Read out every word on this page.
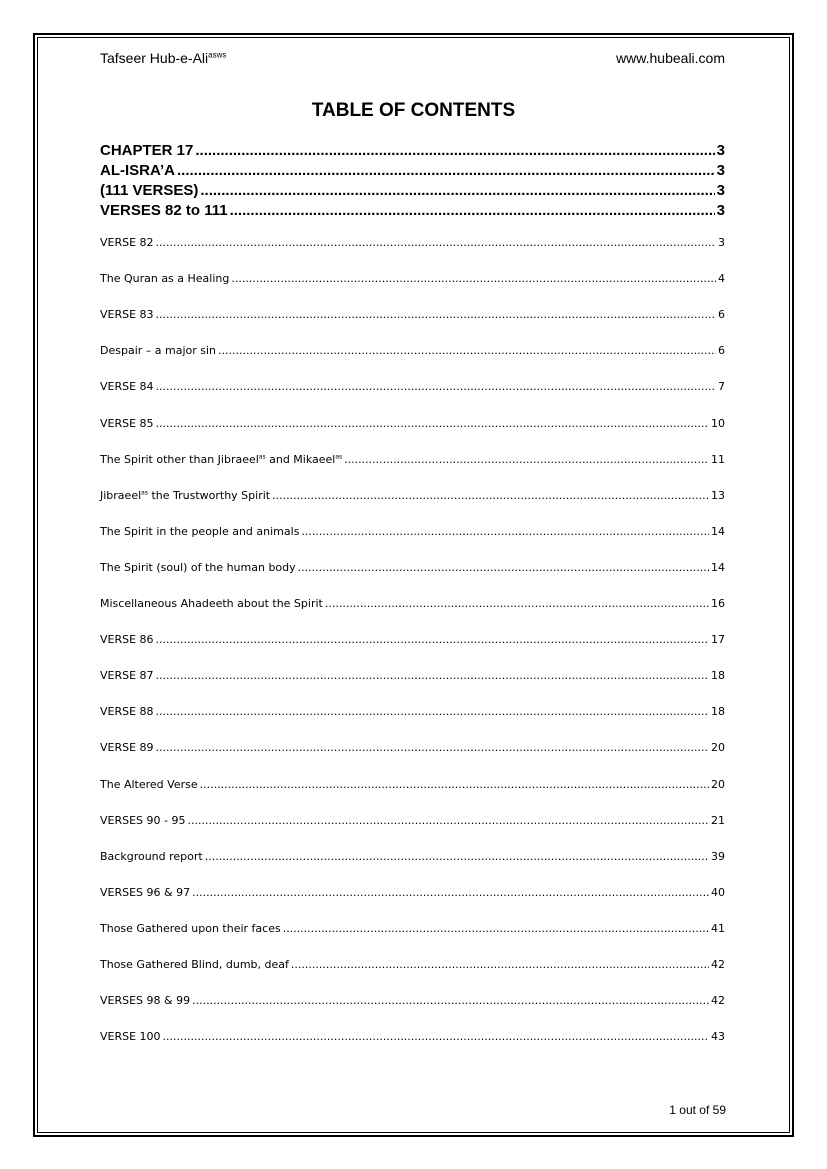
Tafseer Hub-e-Ali$^{asws}$	www.hubeali.com
TABLE OF CONTENTS
CHAPTER 17 .....	3
AL-ISRA’A .....	3
(111 VERSES) .....	3
VERSES 82 to 111 .....	3
VERSE 82 .....	3
The Quran as a Healing .....	4
VERSE 83 .....	6
Despair – a major sin .....	6
VERSE 84 .....	7
VERSE 85 .....	10
The Spirit other than Jibraeel$^{as}$ and Mikaeel$^{as}$ .....	11
Jibraeel$^{as}$ the Trustworthy Spirit .....	13
The Spirit in the people and animals .....	14
The Spirit (soul) of the human body .....	14
Miscellaneous Ahadeeth about the Spirit .....	16
VERSE 86 .....	17
VERSE 87 .....	18
VERSE 88 .....	18
VERSE 89 .....	20
The Altered Verse .....	20
VERSES 90 - 95 .....	21
Background report .....	39
VERSES 96 & 97 .....	40
Those Gathered upon their faces .....	41
Those Gathered Blind, dumb, deaf .....	42
VERSES 98 & 99 .....	42
VERSE 100 .....	43
1 out of 59
